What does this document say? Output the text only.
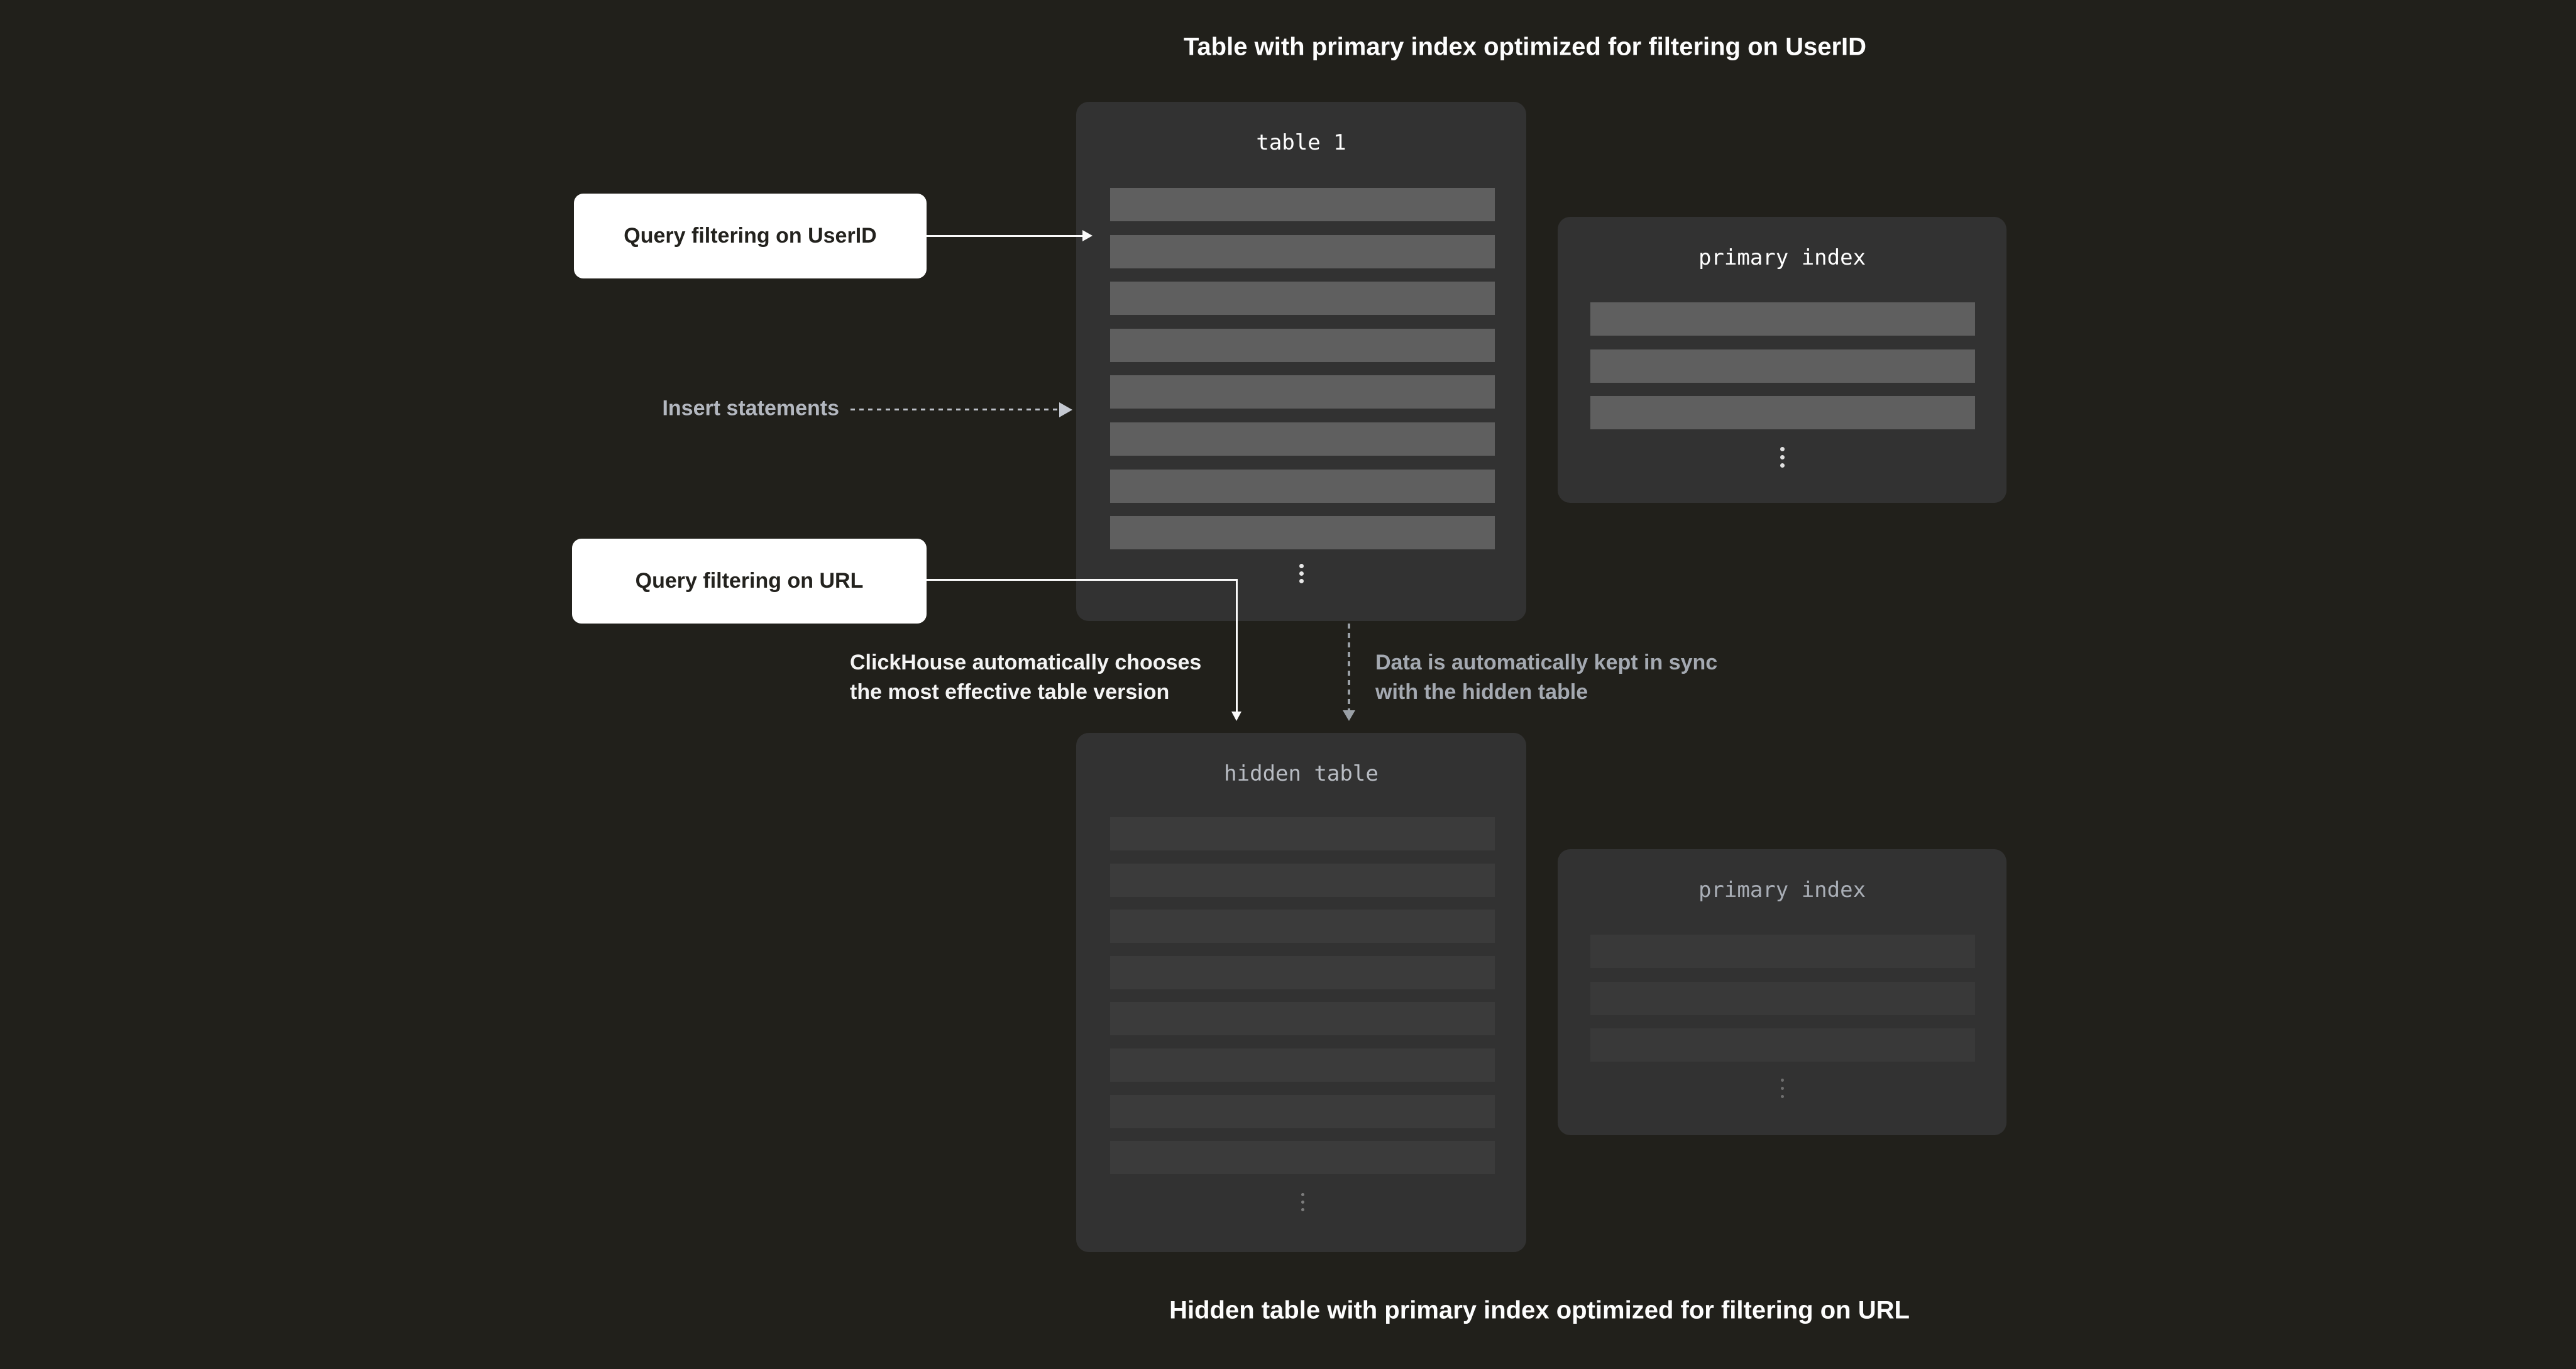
Table with primary index optimized for filtering on UserID
table 1
primary index
hidden table
primary index
Query filtering on UserID
Insert statements
Query filtering on URL
ClickHouse automatically chooses
the most effective table version
Data is automatically kept in sync
with the hidden table
Hidden table with primary index optimized for filtering on URL
